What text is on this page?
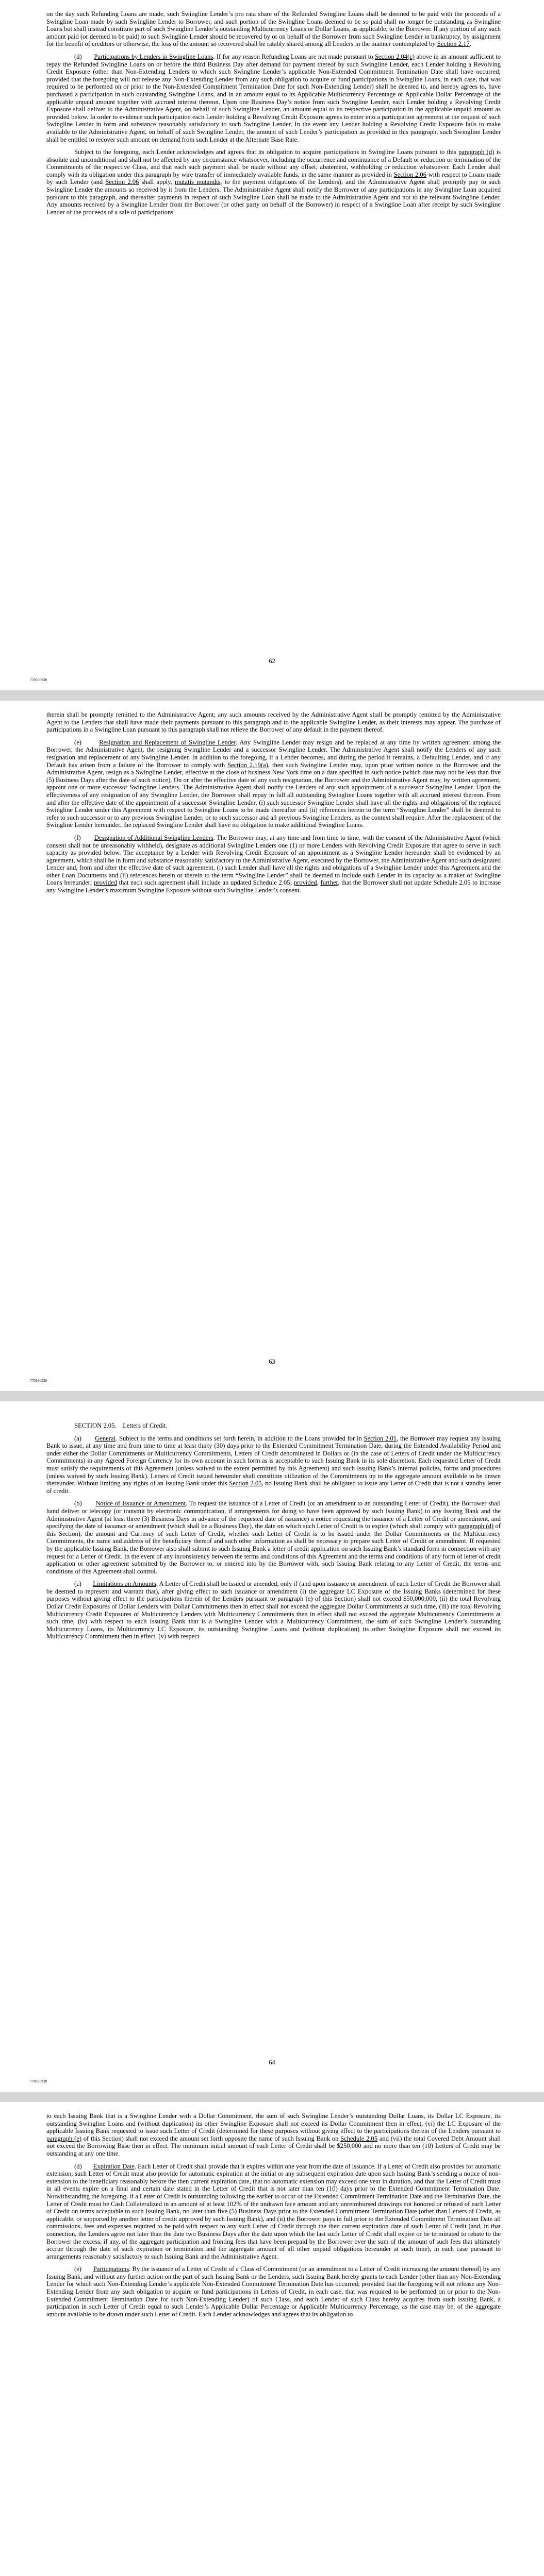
on the day such Refunding Loans are made, such Swingline Lender’s pro rata share of the Refunded Swingline Loans shall be deemed to be paid with the proceeds of a Swingline Loan made by such Swingline Lender to Borrower, and such portion of the Swingline Loans deemed to be so paid shall no longer be outstanding as Swingline Loans but shall instead constitute part of such Swingline Lender’s outstanding Multicurrency Loans or Dollar Loans, as applicable, to the Borrower. If any portion of any such amount paid (or deemed to be paid) to such Swingline Lender should be recovered by or on behalf of the Borrower from such Swingline Lender in bankruptcy, by assignment for the benefit of creditors or otherwise, the loss of the amount so recovered shall be ratably shared among all Lenders in the manner contemplated by Section 2.17.

(d)       Participations by Lenders in Swingline Loans. If for any reason Refunding Loans are not made pursuant to Section 2.04(c) above in an amount sufficient to repay the Refunded Swingline Loans on or before the third Business Day after demand for payment thereof by such Swingline Lender, each Lender holding a Revolving Credit Exposure (other than Non-Extending Lenders to which such Swingline Lender’s applicable Non-Extended Commitment Termination Date shall have occurred; provided that the foregoing will not release any Non-Extending Lender from any such obligation to acquire or fund participations in Swingline Loans, in each case, that was required to be performed on or prior to the Non-Extended Commitment Termination Date for such Non-Extending Lender) shall be deemed to, and hereby agrees to, have purchased a participation in such outstanding Swingline Loans, and in an amount equal to its Applicable Multicurrency Percentage or Applicable Dollar Percentage of the applicable unpaid amount together with accrued interest thereon. Upon one Business Day’s notice from such Swingline Lender, each Lender holding a Revolving Credit Exposure shall deliver to the Administrative Agent, on behalf of such Swingline Lender, an amount equal to its respective participation in the applicable unpaid amount as provided below. In order to evidence such participation each Lender holding a Revolving Credit Exposure agrees to enter into a participation agreement at the request of such Swingline Lender in form and substance reasonably satisfactory to such Swingline Lender. In the event any Lender holding a Revolving Credit Exposure fails to make available to the Administrative Agent, on behalf of such Swingline Lender, the amount of such Lender’s participation as provided in this paragraph, such Swingline Lender shall be entitled to recover such amount on demand from such Lender at the Alternate Base Rate.

Subject to the foregoing, each Lender acknowledges and agrees that its obligation to acquire participations in Swingline Loans pursuant to this paragraph (d) is absolute and unconditional and shall not be affected by any circumstance whatsoever, including the occurrence and continuance of a Default or reduction or termination of the Commitments of the respective Class, and that each such payment shall be made without any offset, abatement, withholding or reduction whatsoever. Each Lender shall comply with its obligation under this paragraph by wire transfer of immediately available funds, in the same manner as provided in Section 2.06 with respect to Loans made by such Lender (and Section 2.06 shall apply, mutatis mutandis, to the payment obligations of the Lenders), and the Administrative Agent shall promptly pay to such Swingline Lender the amounts so received by it from the Lenders. The Administrative Agent shall notify the Borrower of any participations in any Swingline Loan acquired pursuant to this paragraph, and thereafter payments in respect of such Swingline Loan shall be made to the Administrative Agent and not to the relevant Swingline Lender. Any amounts received by a Swingline Lender from the Borrower (or other party on behalf of the Borrower) in respect of a Swingline Loan after receipt by such Swingline Lender of the proceeds of a sale of participations

62
770596930

therein shall be promptly remitted to the Administrative Agent; any such amounts received by the Administrative Agent shall be promptly remitted by the Administrative Agent to the Lenders that shall have made their payments pursuant to this paragraph and to the applicable Swingline Lender, as their interests may appear. The purchase of participations in a Swingline Loan pursuant to this paragraph shall not relieve the Borrower of any default in the payment thereof.

(e)       Resignation and Replacement of Swingline Lender. Any Swingline Lender may resign and be replaced at any time by written agreement among the Borrower, the Administrative Agent, the resigning Swingline Lender and a successor Swingline Lender. The Administrative Agent shall notify the Lenders of any such resignation and replacement of any Swingline Lender. In addition to the foregoing, if a Lender becomes, and during the period it remains, a Defaulting Lender, and if any Default has arisen from a failure of the Borrower to comply with Section 2.19(a), then such Swingline Lender may, upon prior written notice to the Borrower and the Administrative Agent, resign as a Swingline Lender, effective at the close of business New York time on a date specified in such notice (which date may not be less than five (5) Business Days after the date of such notice). On or after the effective date of any such resignation, the Borrower and the Administrative Agent may, by written agreement, appoint one or more successor Swingline Lenders. The Administrative Agent shall notify the Lenders of any such appointment of a successor Swingline Lender. Upon the effectiveness of any resignation of any Swingline Lender, the Borrower shall repay in full all outstanding Swingline Loans together with all accrued interest thereon. From and after the effective date of the appointment of a successor Swingline Lender, (i) such successor Swingline Lender shall have all the rights and obligations of the replaced Swingline Lender under this Agreement with respect to Swingline Loans to be made thereafter and (ii) references herein to the term “Swingline Lender” shall be deemed to refer to such successor or to any previous Swingline Lender, or to such successor and all previous Swingline Lenders, as the context shall require. After the replacement of the Swingline Lender hereunder, the replaced Swingline Lender shall have no obligation to make additional Swingline Loans.

(f)       Designation of Additional Swingline Lenders. The Borrower may, at any time and from time to time, with the consent of the Administrative Agent (which consent shall not be unreasonably withheld), designate as additional Swingline Lenders one (1) or more Lenders with Revolving Credit Exposure that agree to serve in such capacity as provided below. The acceptance by a Lender with Revolving Credit Exposure of an appointment as a Swingline Lender hereunder shall be evidenced by an agreement, which shall be in form and substance reasonably satisfactory to the Administrative Agent, executed by the Borrower, the Administrative Agent and such designated Lender and, from and after the effective date of such agreement, (i) such Lender shall have all the rights and obligations of a Swingline Lender under this Agreement and the other Loan Documents and (ii) references herein or therein to the term “Swingline Lender” shall be deemed to include such Lender in its capacity as a maker of Swingline Loans hereunder; provided that each such agreement shall include an updated Schedule 2.05; provided, further, that the Borrower shall not update Schedule 2.05 to increase any Swingline Lender’s maximum Swingline Exposure without such Swingline Lender’s consent.

63
770596930

SECTION 2.05.    Letters of Credit.

(a)       General. Subject to the terms and conditions set forth herein, in addition to the Loans provided for in Section 2.01, the Borrower may request any Issuing Bank to issue, at any time and from time to time at least thirty (30) days prior to the Extended Commitment Termination Date, during the Extended Availability Period and under either the Dollar Commitments or Multicurrency Commitments, Letters of Credit denominated in Dollars or (in the case of Letters of Credit under the Multicurrency Commitments) in any Agreed Foreign Currency for its own account in such form as is acceptable to such Issuing Bank in its sole discretion. Each requested Letter of Credit must satisfy the requirements of this Agreement (unless waived to the extent permitted by this Agreement) and such Issuing Bank’s internal policies, forms and procedures (unless waived by such Issuing Bank). Letters of Credit issued hereunder shall constitute utilization of the Commitments up to the aggregate amount available to be drawn thereunder. Without limiting any rights of an Issuing Bank under this Section 2.05, no Issuing Bank shall be obligated to issue any Letter of Credit that is not a standby letter of credit.

(b)       Notice of Issuance or Amendment. To request the issuance of a Letter of Credit (or an amendment to an outstanding Letter of Credit), the Borrower shall hand deliver or telecopy (or transmit by electronic communication, if arrangements for doing so have been approved by such Issuing Bank) to any Issuing Bank and the Administrative Agent (at least three (3) Business Days in advance of the requested date of issuance) a notice requesting the issuance of a Letter of Credit or amendment, and specifying the date of issuance or amendment (which shall be a Business Day), the date on which such Letter of Credit is to expire (which shall comply with paragraph (d) of this Section), the amount and Currency of such Letter of Credit, whether such Letter of Credit is to be issued under the Dollar Commitments or the Multicurrency Commitments, the name and address of the beneficiary thereof and such other information as shall be necessary to prepare such Letter of Credit or amendment. If requested by the applicable Issuing Bank, the Borrower also shall submit to such Issuing Bank a letter of credit application on such Issuing Bank’s standard form in connection with any request for a Letter of Credit. In the event of any inconsistency between the terms and conditions of this Agreement and the terms and conditions of any form of letter of credit application or other agreement submitted by the Borrower to, or entered into by the Borrower with, such Issuing Bank relating to any Letter of Credit, the terms and conditions of this Agreement shall control.

(c)       Limitations on Amounts. A Letter of Credit shall be issued or amended, only if (and upon issuance or amendment of each Letter of Credit the Borrower shall be deemed to represent and warrant that), after giving effect to such issuance or amendment (i) the aggregate LC Exposure of the Issuing Banks (determined for these purposes without giving effect to the participations therein of the Lenders pursuant to paragraph (e) of this Section) shall not exceed $50,000,000, (ii) the total Revolving Dollar Credit Exposures of Dollar Lenders with Dollar Commitments then in effect shall not exceed the aggregate Dollar Commitments at such time, (iii) the total Revolving Multicurrency Credit Exposures of Multicurrency Lenders with Multicurrency Commitments then in effect shall not exceed the aggregate Multicurrency Commitments at such time, (iv) with respect to each Issuing Bank that is a Swingline Lender with a Multicurrency Commitment, the sum of such Swingline Lender’s outstanding Multicurrency Loans, its Multicurrency LC Exposure, its outstanding Swingline Loans and (without duplication) its other Swingline Exposure shall not exceed its Multicurrency Commitment then in effect, (v) with respect

64
770596930

to each Issuing Bank that is a Swingline Lender with a Dollar Commitment, the sum of such Swingline Lender’s outstanding Dollar Loans, its Dollar LC Exposure, its outstanding Swingline Loans and (without duplication) its other Swingline Exposure shall not exceed its Dollar Commitment then in effect, (vi) the LC Exposure of the applicable Issuing Bank requested to issue such Letter of Credit (determined for these purposes without giving effect to the participations therein of the Lenders pursuant to paragraph (e) of this Section) shall not exceed the amount set forth opposite the name of such Issuing Bank on Schedule 2.05 and (vii) the total Covered Debt Amount shall not exceed the Borrowing Base then in effect. The minimum initial amount of each Letter of Credit shall be $250,000 and no more than ten (10) Letters of Credit may be outstanding at any one time.

(d)       Expiration Date. Each Letter of Credit shall provide that it expires within one year from the date of issuance. If a Letter of Credit also provides for automatic extension, such Letter of Credit must also provide for automatic expiration at the initial or any subsequent expiration date upon such Issuing Bank’s sending a notice of non-extension to the beneficiary reasonably before the then current expiration date, that no automatic extension may exceed one year in duration, and that the Letter of Credit must in all events expire on a final and certain date stated in the Letter of Credit that is not later than ten (10) days prior to the Extended Commitment Termination Date. Notwithstanding the foregoing, if a Letter of Credit is outstanding following the earlier to occur of the Extended Commitment Termination Date and the Termination Date, the Letter of Credit must be Cash Collateralized in an amount of at least 102% of the undrawn face amount and any unreimbursed drawings not honored or refused of each Letter of Credit on terms acceptable to such Issuing Bank, no later than five (5) Business Days prior to the Extended Commitment Termination Date (other than Letters of Credit, as applicable, or supported by another letter of credit approved by such Issuing Bank), and (ii) the Borrower pays in full prior to the Extended Commitment Termination Date all commissions, fees and expenses required to be paid with respect to any such Letter of Credit through the then current expiration date of such Letter of Credit (and, in that connection, the Lenders agree not later than the date two Business Days after the date upon which the last such Letter of Credit shall expire or be terminated to rebate to the Borrower the excess, if any, of the aggregate participation and fronting fees that have been prepaid by the Borrower over the sum of the amount of such fees that ultimately accrue through the date of such expiration or termination and the aggregate amount of all other unpaid obligations hereunder at such time), in each case pursuant to arrangements reasonably satisfactory to such Issuing Bank and the Administrative Agent.

(e)       Participations. By the issuance of a Letter of Credit of a Class of Commitment (or an amendment to a Letter of Credit increasing the amount thereof) by any Issuing Bank, and without any further action on the part of such Issuing Bank or the Lenders, such Issuing Bank hereby grants to each Lender (other than any Non-Extending Lender for which such Non-Extending Lender’s applicable Non-Extended Commitment Termination Date has occurred; provided that the foregoing will not release any Non-Extending Lender from any such obligation to acquire or fund participations in Letters of Credit, in each case, that was required to be performed on or prior to the Non-Extended Commitment Termination Date for such Non-Extending Lender) of such Class, and each Lender of such Class hereby acquires from such Issuing Bank, a participation in such Letter of Credit equal to such Lender’s Applicable Dollar Percentage or Applicable Multicurrency Percentage, as the case may be, of the aggregate amount available to be drawn under such Letter of Credit. Each Lender acknowledges and agrees that its obligation to
